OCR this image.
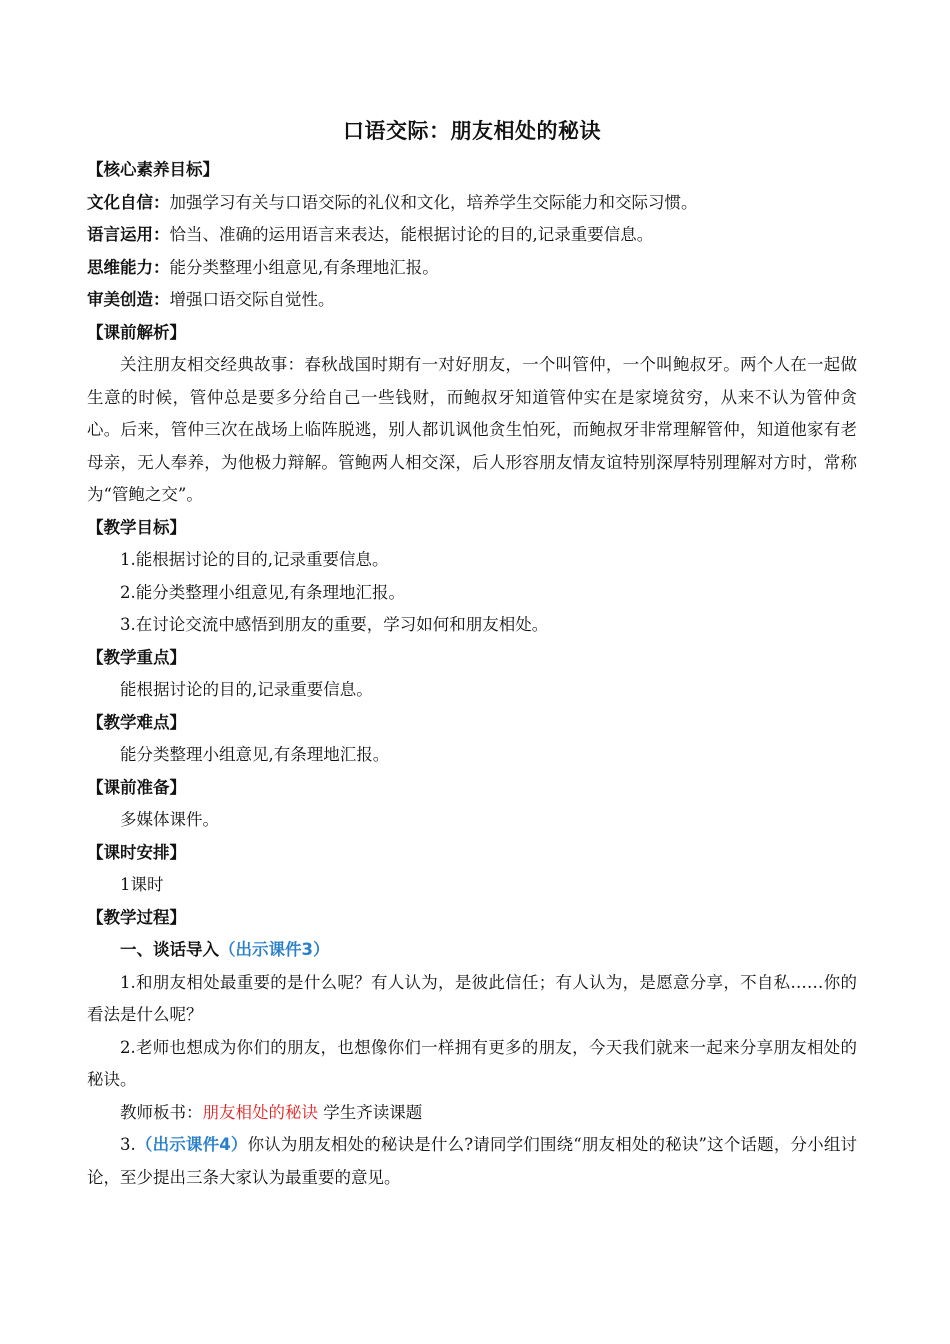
口语交际：朋友相处的秘诀
【核心素养目标】
文化自信：加强学习有关与口语交际的礼仪和文化，培养学生交际能力和交际习惯。
语言运用：恰当、准确的运用语言来表达，能根据讨论的目的,记录重要信息。
思维能力：能分类整理小组意见,有条理地汇报。
审美创造：增强口语交际自觉性。
【课前解析】
关注朋友相交经典故事：春秋战国时期有一对好朋友，一个叫管仲，一个叫鲍叔牙。两个人在一起做生意的时候，管仲总是要多分给自己一些钱财，而鲍叔牙知道管仲实在是家境贫穷，从来不认为管仲贪心。后来，管仲三次在战场上临阵脱逃，别人都讥讽他贪生怕死，而鲍叔牙非常理解管仲，知道他家有老母亲，无人奉养，为他极力辩解。管鲍两人相交深，后人形容朋友情友谊特别深厚特别理解对方时，常称为“管鲍之交”。
【教学目标】
1.能根据讨论的目的,记录重要信息。
2.能分类整理小组意见,有条理地汇报。
3.在讨论交流中感悟到朋友的重要，学习如何和朋友相处。
【教学重点】
能根据讨论的目的,记录重要信息。
【教学难点】
能分类整理小组意见,有条理地汇报。
【课前准备】
多媒体课件。
【课时安排】
1课时
【教学过程】
一、谈话导入（出示课件3）
1.和朋友相处最重要的是什么呢？有人认为，是彼此信任；有人认为，是愿意分享，不自私……你的看法是什么呢？
2.老师也想成为你们的朋友，也想像你们一样拥有更多的朋友，今天我们就来一起来分享朋友相处的秘诀。
教师板书：朋友相处的秘诀 学生齐读课题
3.（出示课件4）你认为朋友相处的秘诀是什么?请同学们围绕“朋友相处的秘诀”这个话题，分小组讨论，至少提出三条大家认为最重要的意见。
